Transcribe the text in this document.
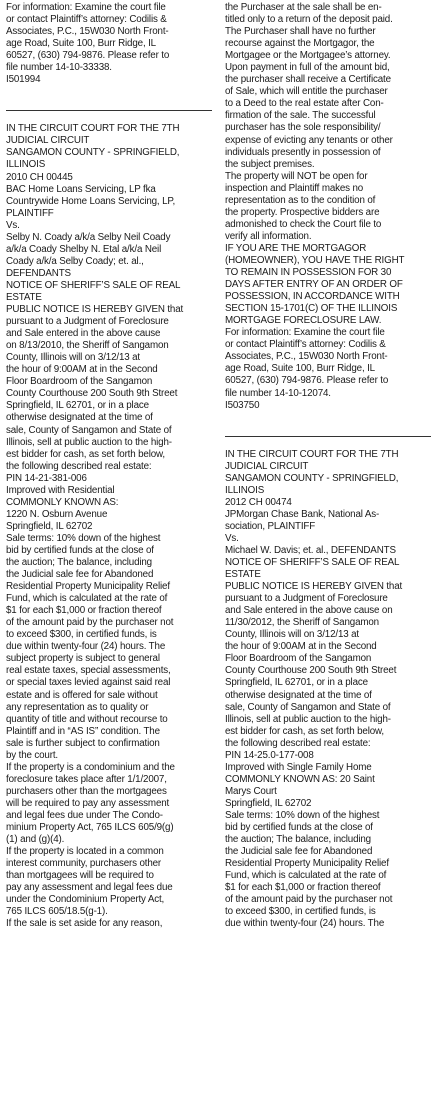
For information: Examine the court file
or contact Plaintiff’s attorney: Codilis &
Associates, P.C., 15W030 North Front-
age Road, Suite 100, Burr Ridge, IL
60527, (630) 794-9876. Please refer to
file number 14-10-33338.
I501994
IN THE CIRCUIT COURT FOR THE 7TH
JUDICIAL CIRCUIT
SANGAMON COUNTY - SPRINGFIELD,
ILLINOIS
2010 CH 00445
BAC Home Loans Servicing, LP fka
Countrywide Home Loans Servicing, LP,
PLAINTIFF
Vs.
Selby N. Coady a/k/a Selby Neil Coady
a/k/a Coady Shelby N. Etal a/k/a Neil
Coady a/k/a Selby Coady; et. al.,
DEFENDANTS
NOTICE OF SHERIFF’S SALE OF REAL
ESTATE
PUBLIC NOTICE IS HEREBY GIVEN that
pursuant to a Judgment of Foreclosure
and Sale entered in the above cause
on 8/13/2010, the Sheriff of Sangamon
County, Illinois will on 3/12/13 at
the hour of 9:00AM at in the Second
Floor Boardroom of the Sangamon
County Courthouse 200 South 9th Street
Springfield, IL 62701, or in a place
otherwise designated at the time of
sale, County of Sangamon and State of
Illinois, sell at public auction to the high-
est bidder for cash, as set forth below,
the following described real estate:
PIN 14-21-381-006
Improved with Residential
COMMONLY KNOWN AS:
1220 N. Osburn Avenue
Springfield, IL 62702
Sale terms: 10% down of the highest
bid by certified funds at the close of
the auction; The balance, including
the Judicial sale fee for Abandoned
Residential Property Municipality Relief
Fund, which is calculated at the rate of
$1 for each $1,000 or fraction thereof
of the amount paid by the purchaser not
to exceed $300, in certified funds, is
due within twenty-four (24) hours. The
subject property is subject to general
real estate taxes, special assessments,
or special taxes levied against said real
estate and is offered for sale without
any representation as to quality or
quantity of title and without recourse to
Plaintiff and in “AS IS” condition. The
sale is further subject to confirmation
by the court.
If the property is a condominium and the
foreclosure takes place after 1/1/2007,
purchasers other than the mortgagees
will be required to pay any assessment
and legal fees due under The Condo-
minium Property Act, 765 ILCS 605/9(g)
(1) and (g)(4).
If the property is located in a common
interest community, purchasers other
than mortgagees will be required to
pay any assessment and legal fees due
under the Condominium Property Act,
765 ILCS 605/18.5(g-1).
If the sale is set aside for any reason,
the Purchaser at the sale shall be en-
titled only to a return of the deposit paid.
The Purchaser shall have no further
recourse against the Mortgagor, the
Mortgagee or the Mortgagee’s attorney.
Upon payment in full of the amount bid,
the purchaser shall receive a Certificate
of Sale, which will entitle the purchaser
to a Deed to the real estate after Con-
firmation of the sale. The successful
purchaser has the sole responsibility/
expense of evicting any tenants or other
individuals presently in possession of
the subject premises.
The property will NOT be open for
inspection and Plaintiff makes no
representation as to the condition of
the property. Prospective bidders are
admonished to check the Court file to
verify all information.
IF YOU ARE THE MORTGAGOR
(HOMEOWNER), YOU HAVE THE RIGHT
TO REMAIN IN POSSESSION FOR 30
DAYS AFTER ENTRY OF AN ORDER OF
POSSESSION, IN ACCORDANCE WITH
SECTION 15-1701(C) OF THE ILLINOIS
MORTGAGE FORECLOSURE LAW.
For information: Examine the court file
or contact Plaintiff’s attorney: Codilis &
Associates, P.C., 15W030 North Front-
age Road, Suite 100, Burr Ridge, IL
60527, (630) 794-9876. Please refer to
file number 14-10-12074.
I503750
IN THE CIRCUIT COURT FOR THE 7TH
JUDICIAL CIRCUIT
SANGAMON COUNTY - SPRINGFIELD,
ILLINOIS
2012 CH 00474
JPMorgan Chase Bank, National As-
sociation, PLAINTIFF
Vs.
Michael W. Davis; et. al., DEFENDANTS
NOTICE OF SHERIFF’S SALE OF REAL
ESTATE
PUBLIC NOTICE IS HEREBY GIVEN that
pursuant to a Judgment of Foreclosure
and Sale entered in the above cause on
11/30/2012, the Sheriff of Sangamon
County, Illinois will on 3/12/13 at
the hour of 9:00AM at in the Second
Floor Boardroom of the Sangamon
County Courthouse 200 South 9th Street
Springfield, IL 62701, or in a place
otherwise designated at the time of
sale, County of Sangamon and State of
Illinois, sell at public auction to the high-
est bidder for cash, as set forth below,
the following described real estate:
PIN 14-25.0-177-008
Improved with Single Family Home
COMMONLY KNOWN AS: 20 Saint
Marys Court
Springfield, IL 62702
Sale terms: 10% down of the highest
bid by certified funds at the close of
the auction; The balance, including
the Judicial sale fee for Abandoned
Residential Property Municipality Relief
Fund, which is calculated at the rate of
$1 for each $1,000 or fraction thereof
of the amount paid by the purchaser not
to exceed $300, in certified funds, is
due within twenty-four (24) hours. The
